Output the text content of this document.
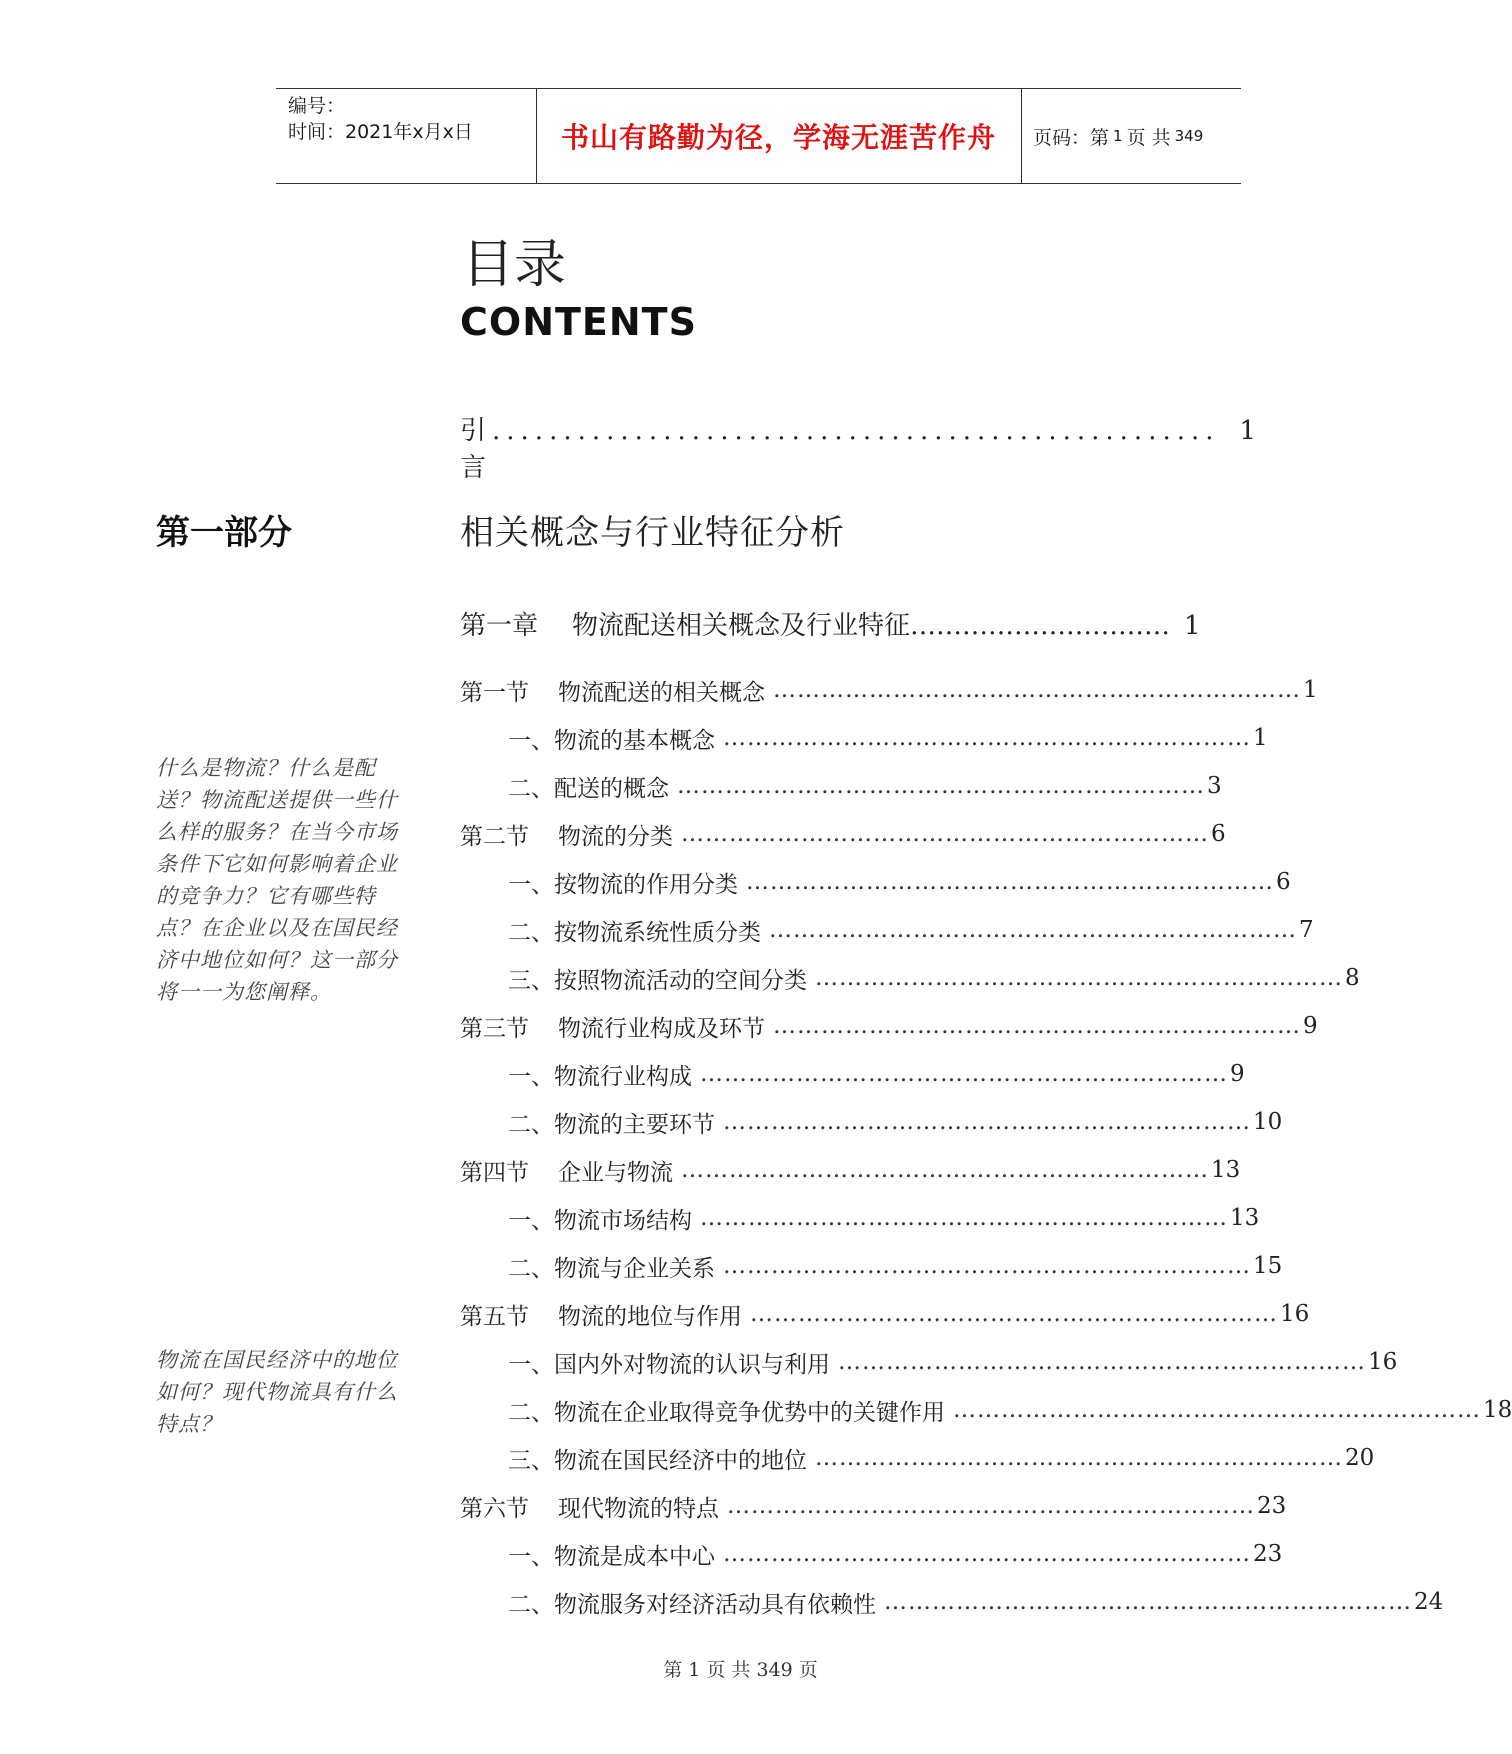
编号：
时间：2021年x月x日	书山有路勤为径，学海无涯苦作舟	页码：第 1 页 共 349
目录
CONTENTS
引言
................................................... 1
第一部分	相关概念与行业特征分析
第一章 物流配送相关概念及行业特征 ………………………… 1
第一节	物流配送的相关概念 ………………………………………………………… 1
一、物流的基本概念 ………………………………………………………… 1
二、配送的概念 ………………………………………………………… 3
第二节	物流的分类 ………………………………………………………… 6
一、按物流的作用分类 ………………………………………………………… 6
二、按物流系统性质分类 ………………………………………………………… 7
三、按照物流活动的空间分类 ………………………………………………………… 8
第三节	物流行业构成及环节 ………………………………………………………… 9
一、物流行业构成 ………………………………………………………… 9
二、物流的主要环节 ………………………………………………………… 10
第四节	企业与物流 ………………………………………………………… 13
一、物流市场结构 ………………………………………………………… 13
二、物流与企业关系 ………………………………………………………… 15
第五节	物流的地位与作用 ………………………………………………………… 16
一、国内外对物流的认识与利用 ………………………………………………………… 16
二、物流在企业取得竞争优势中的关键作用 ………………………………………………………… 18
三、物流在国民经济中的地位 ………………………………………………………… 20
第六节	现代物流的特点 ………………………………………………………… 23
一、物流是成本中心 ………………………………………………………… 23
二、物流服务对经济活动具有依赖性 ………………………………………………………… 24
什么是物流？什么是配送？物流配送提供一些什么样的服务？在当今市场条件下它如何影响着企业的竞争力？它有哪些特点？在企业以及在国民经济中地位如何？这一部分将一一为您阐释。
物流在国民经济中的地位如何？现代物流具有什么特点？
第 1 页 共 349 页
